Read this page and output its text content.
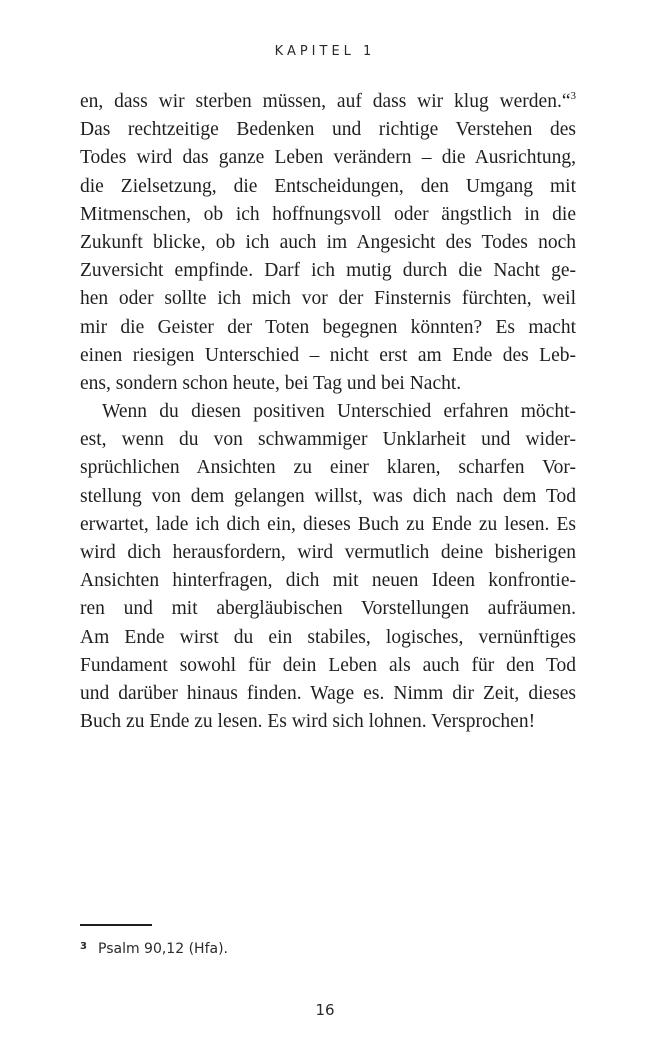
KAPITEL 1
en, dass wir sterben müssen, auf dass wir klug werden.“$^3$
Das rechtzeitige Bedenken und richtige Verstehen des
Todes wird das ganze Leben verändern – die Ausrichtung,
die Zielsetzung, die Entscheidungen, den Umgang mit
Mitmenschen, ob ich hoffnungsvoll oder ängstlich in die
Zukunft blicke, ob ich auch im Angesicht des Todes noch
Zuversicht empfinde. Darf ich mutig durch die Nacht ge-
hen oder sollte ich mich vor der Finsternis fürchten, weil
mir die Geister der Toten begegnen könnten? Es macht
einen riesigen Unterschied – nicht erst am Ende des Leb-
ens, sondern schon heute, bei Tag und bei Nacht.
Wenn du diesen positiven Unterschied erfahren möcht-
est, wenn du von schwammiger Unklarheit und wider-
sprüchlichen Ansichten zu einer klaren, scharfen Vor-
stellung von dem gelangen willst, was dich nach dem Tod
erwartet, lade ich dich ein, dieses Buch zu Ende zu lesen. Es
wird dich herausfordern, wird vermutlich deine bisherigen
Ansichten hinterfragen, dich mit neuen Ideen konfrontie-
ren und mit abergläubischen Vorstellungen aufräumen.
Am Ende wirst du ein stabiles, logisches, vernünftiges
Fundament sowohl für dein Leben als auch für den Tod
und darüber hinaus finden. Wage es. Nimm dir Zeit, dieses
Buch zu Ende zu lesen. Es wird sich lohnen. Versprochen!
3 Psalm 90,12 (Hfa).
16
